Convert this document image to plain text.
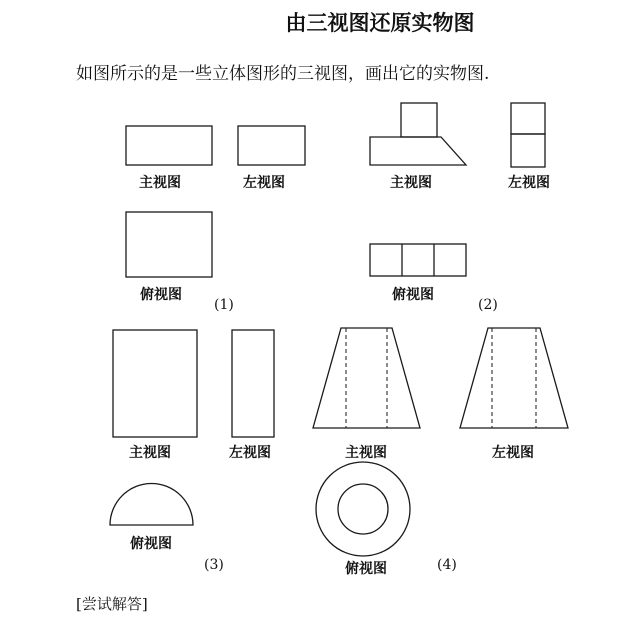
由三视图还原实物图
如图所示的是一些立体图形的三视图，画出它的实物图.
主视图	左视图
俯视图
(1)
主视图	左视图
俯视图
(2)
主视图	左视图
俯视图
(3)
主视图	左视图
俯视图	(4)
[尝试解答]
